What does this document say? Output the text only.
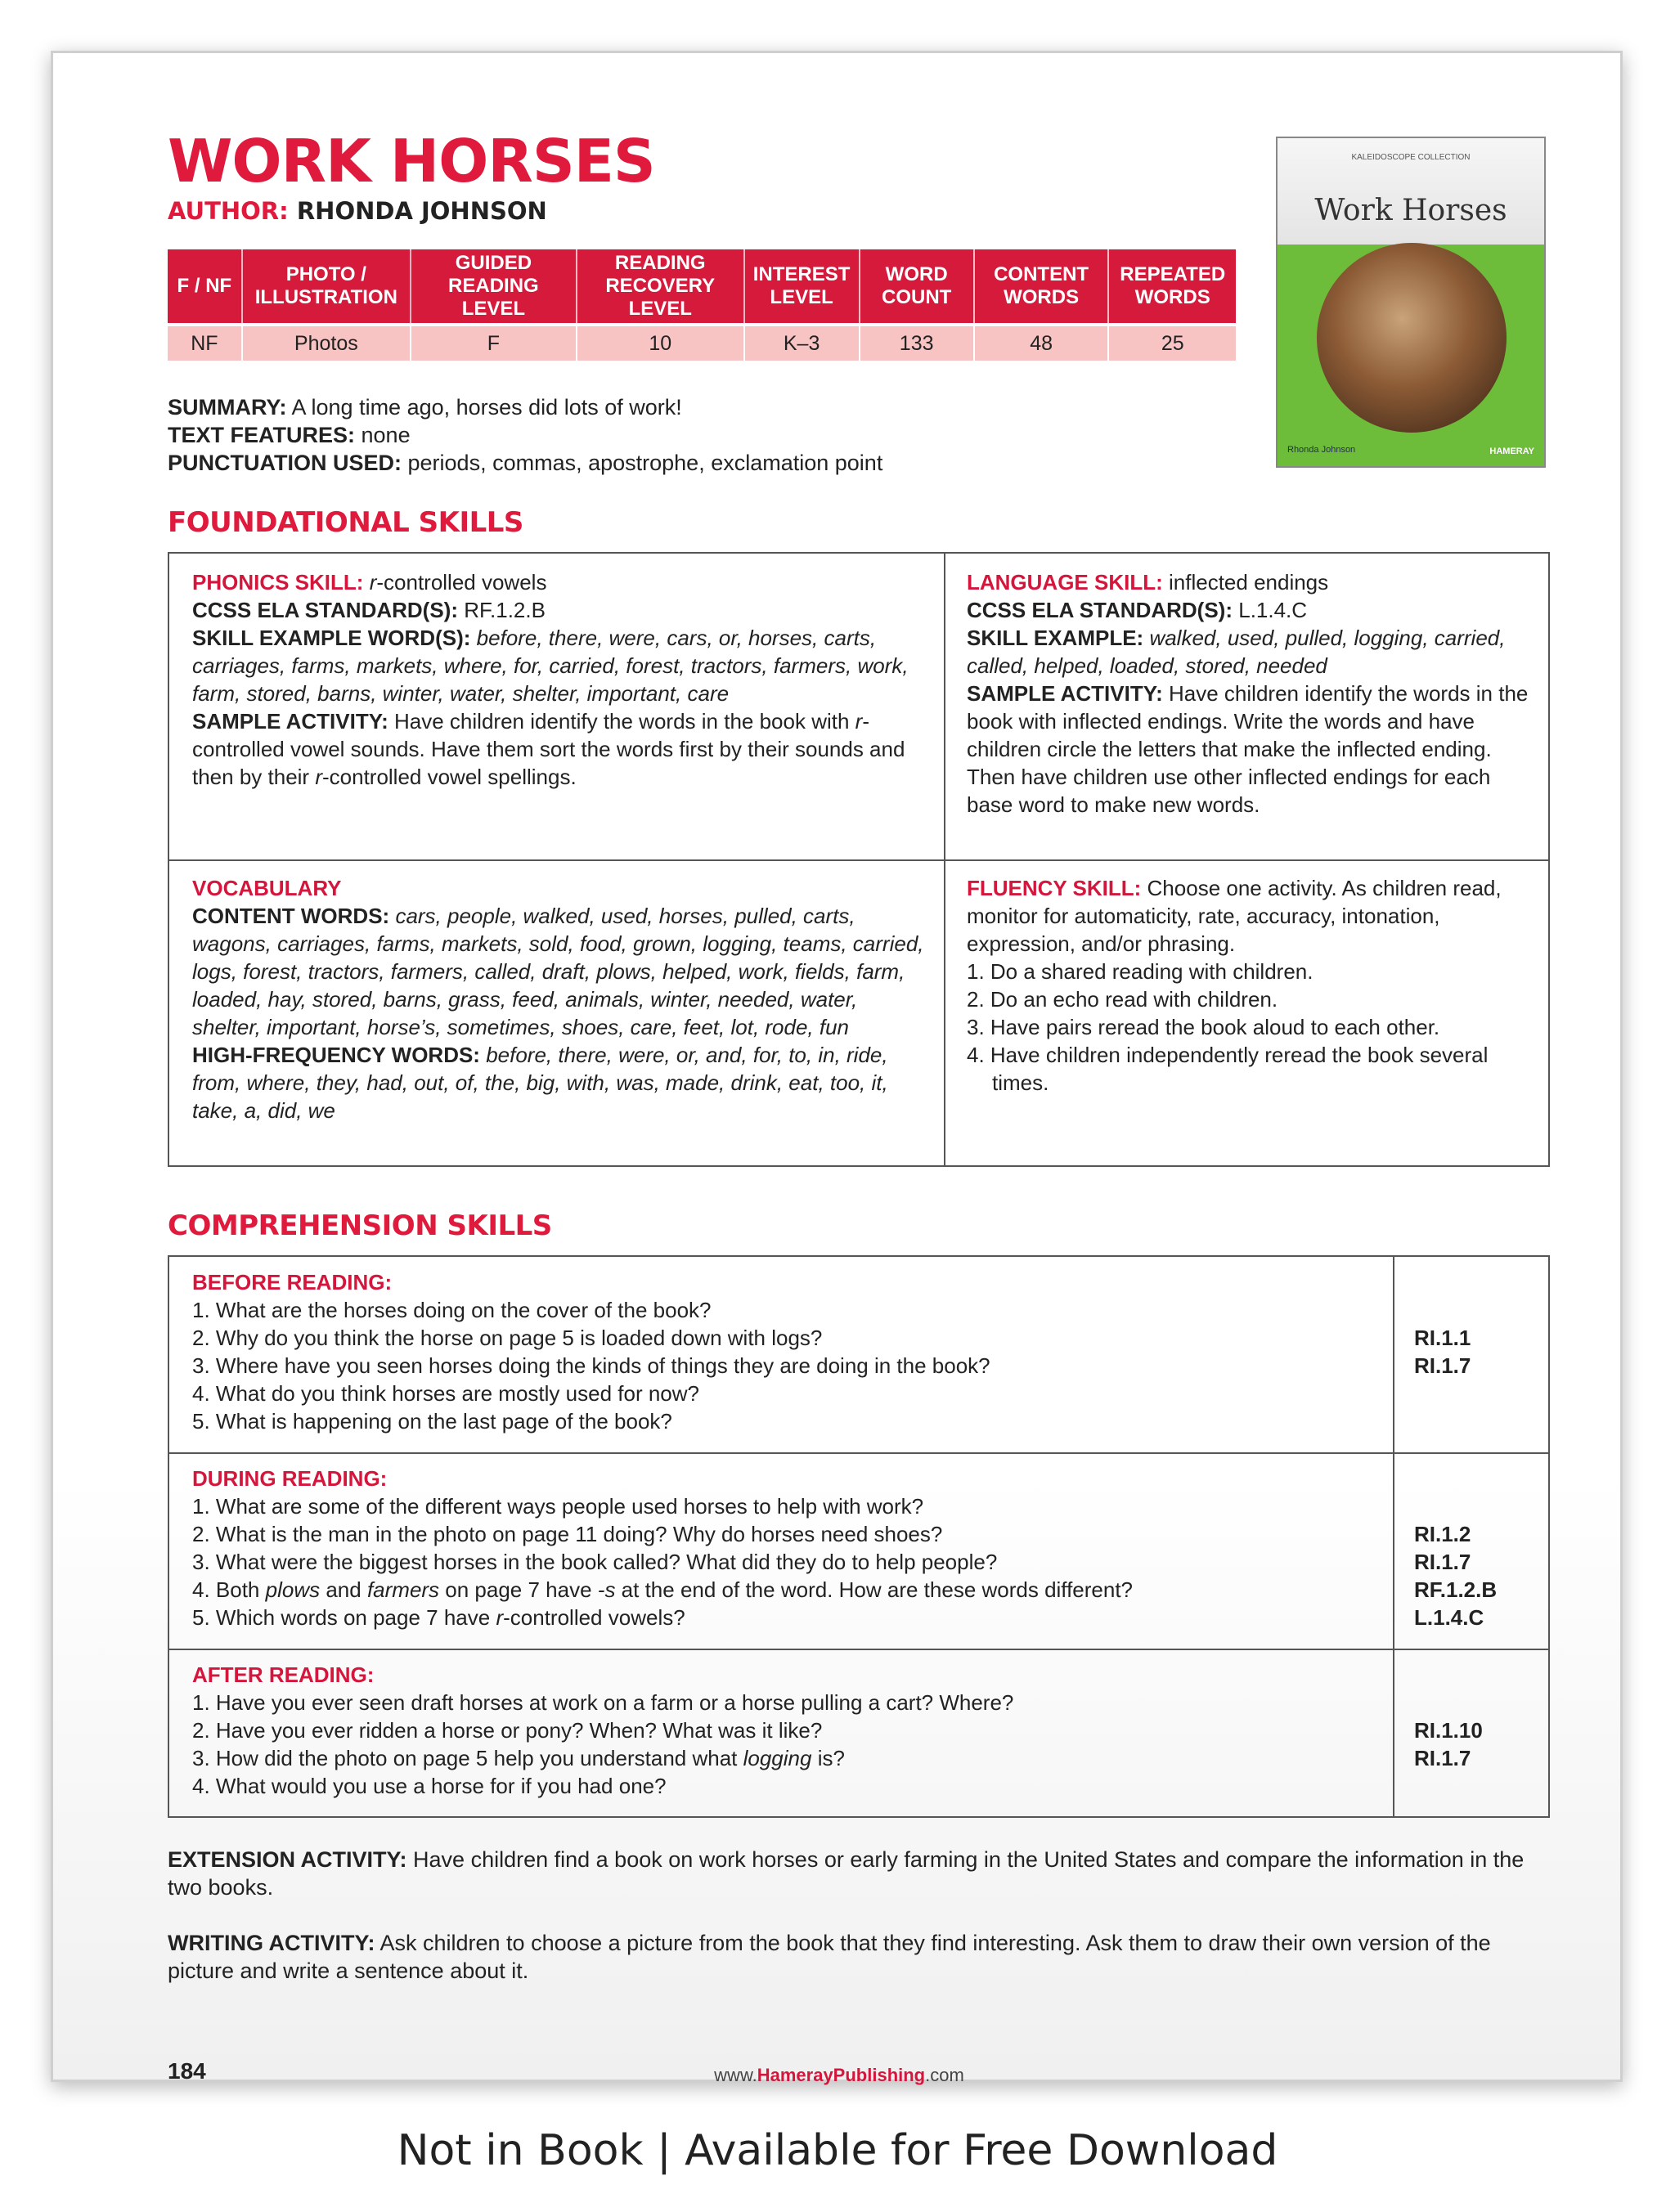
WORK HORSES
AUTHOR: RHONDA JOHNSON
F / NF	PHOTO / ILLUSTRATION	GUIDED READING LEVEL	READING RECOVERY LEVEL	INTEREST LEVEL	WORD COUNT	CONTENT WORDS	REPEATED WORDS
NF	Photos	F	10	K–3	133	48	25
SUMMARY: A long time ago, horses did lots of work!
TEXT FEATURES: none
PUNCTUATION USED: periods, commas, apostrophe, exclamation point
KALEIDOSCOPE COLLECTION
Work Horses
Rhonda Johnson	HAMERAY
FOUNDATIONAL SKILLS
PHONICS SKILL: r-controlled vowels
CCSS ELA STANDARD(S): RF.1.2.B
SKILL EXAMPLE WORD(S): before, there, were, cars, or, horses, carts, carriages, farms, markets, where, for, carried, forest, tractors, farmers, work, farm, stored, barns, winter, water, shelter, important, care
SAMPLE ACTIVITY: Have children identify the words in the book with r-controlled vowel sounds. Have them sort the words first by their sounds and then by their r-controlled vowel spellings.
LANGUAGE SKILL: inflected endings
CCSS ELA STANDARD(S): L.1.4.C
SKILL EXAMPLE: walked, used, pulled, logging, carried, called, helped, loaded, stored, needed
SAMPLE ACTIVITY: Have children identify the words in the book with inflected endings. Write the words and have children circle the letters that make the inflected ending. Then have children use other inflected endings for each base word to make new words.
VOCABULARY
CONTENT WORDS: cars, people, walked, used, horses, pulled, carts, wagons, carriages, farms, markets, sold, food, grown, logging, teams, carried, logs, forest, tractors, farmers, called, draft, plows, helped, work, fields, farm, loaded, hay, stored, barns, grass, feed, animals, winter, needed, water, shelter, important, horse’s, sometimes, shoes, care, feet, lot, rode, fun
HIGH-FREQUENCY WORDS: before, there, were, or, and, for, to, in, ride, from, where, they, had, out, of, the, big, with, was, made, drink, eat, too, it, take, a, did, we
FLUENCY SKILL: Choose one activity. As children read, monitor for automaticity, rate, accuracy, intonation, expression, and/or phrasing.
1. Do a shared reading with children.
2. Do an echo read with children.
3. Have pairs reread the book aloud to each other.
4. Have children independently reread the book several times.
COMPREHENSION SKILLS
BEFORE READING:
1. What are the horses doing on the cover of the book?
2. Why do you think the horse on page 5 is loaded down with logs?
3. Where have you seen horses doing the kinds of things they are doing in the book?
4. What do you think horses are mostly used for now?
5. What is happening on the last page of the book?
RI.1.1
RI.1.7
DURING READING:
1. What are some of the different ways people used horses to help with work?
2. What is the man in the photo on page 11 doing? Why do horses need shoes?
3. What were the biggest horses in the book called? What did they do to help people?
4. Both plows and farmers on page 7 have -s at the end of the word. How are these words different?
5. Which words on page 7 have r-controlled vowels?
RI.1.2
RI.1.7
RF.1.2.B
L.1.4.C
AFTER READING:
1. Have you ever seen draft horses at work on a farm or a horse pulling a cart? Where?
2. Have you ever ridden a horse or pony? When? What was it like?
3. How did the photo on page 5 help you understand what logging is?
4. What would you use a horse for if you had one?
RI.1.10
RI.1.7
EXTENSION ACTIVITY: Have children find a book on work horses or early farming in the United States and compare the information in the two books.
WRITING ACTIVITY: Ask children to choose a picture from the book that they find interesting. Ask them to draw their own version of the picture and write a sentence about it.
184	www.HamerayPublishing.com
Not in Book | Available for Free Download
